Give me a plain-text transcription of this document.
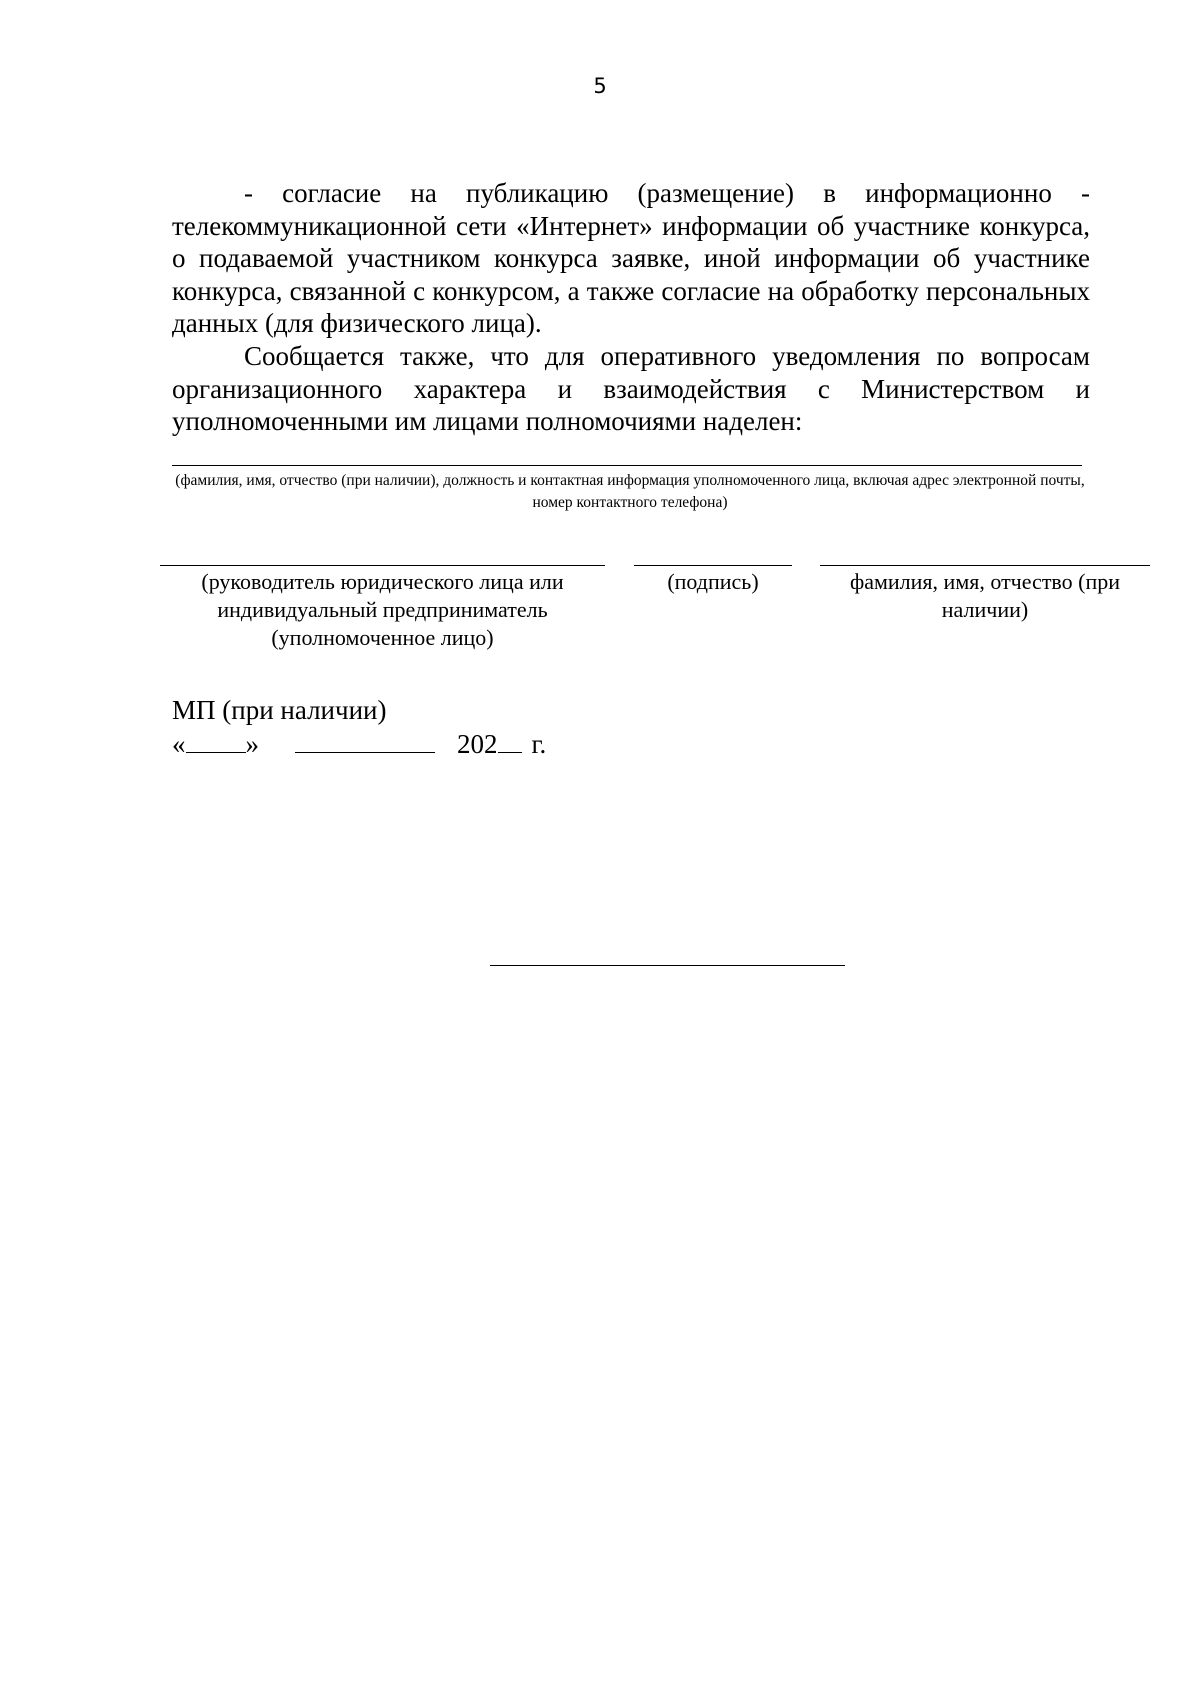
5

- согласие на публикацию (размещение) в информационно - телекоммуникационной сети «Интернет» информации об участнике конкурса, о подаваемой участником конкурса заявке, иной информации об участнике конкурса, связанной с конкурсом, а также согласие на обработку персональных данных (для физического лица).

Сообщается также, что для оперативного уведомления по вопросам организационного характера и взаимодействия с Министерством и уполномоченными им лицами полномочиями наделен:

(фамилия, имя, отчество (при наличии), должность и контактная информация уполномоченного лица, включая адрес электронной почты, номер контактного телефона)
(руководитель юридического лица или индивидуальный предприниматель (уполномоченное лицо)
(подпись)	фамилия, имя, отчество (при наличии)
МП (при наличии)
« »	202 г.
